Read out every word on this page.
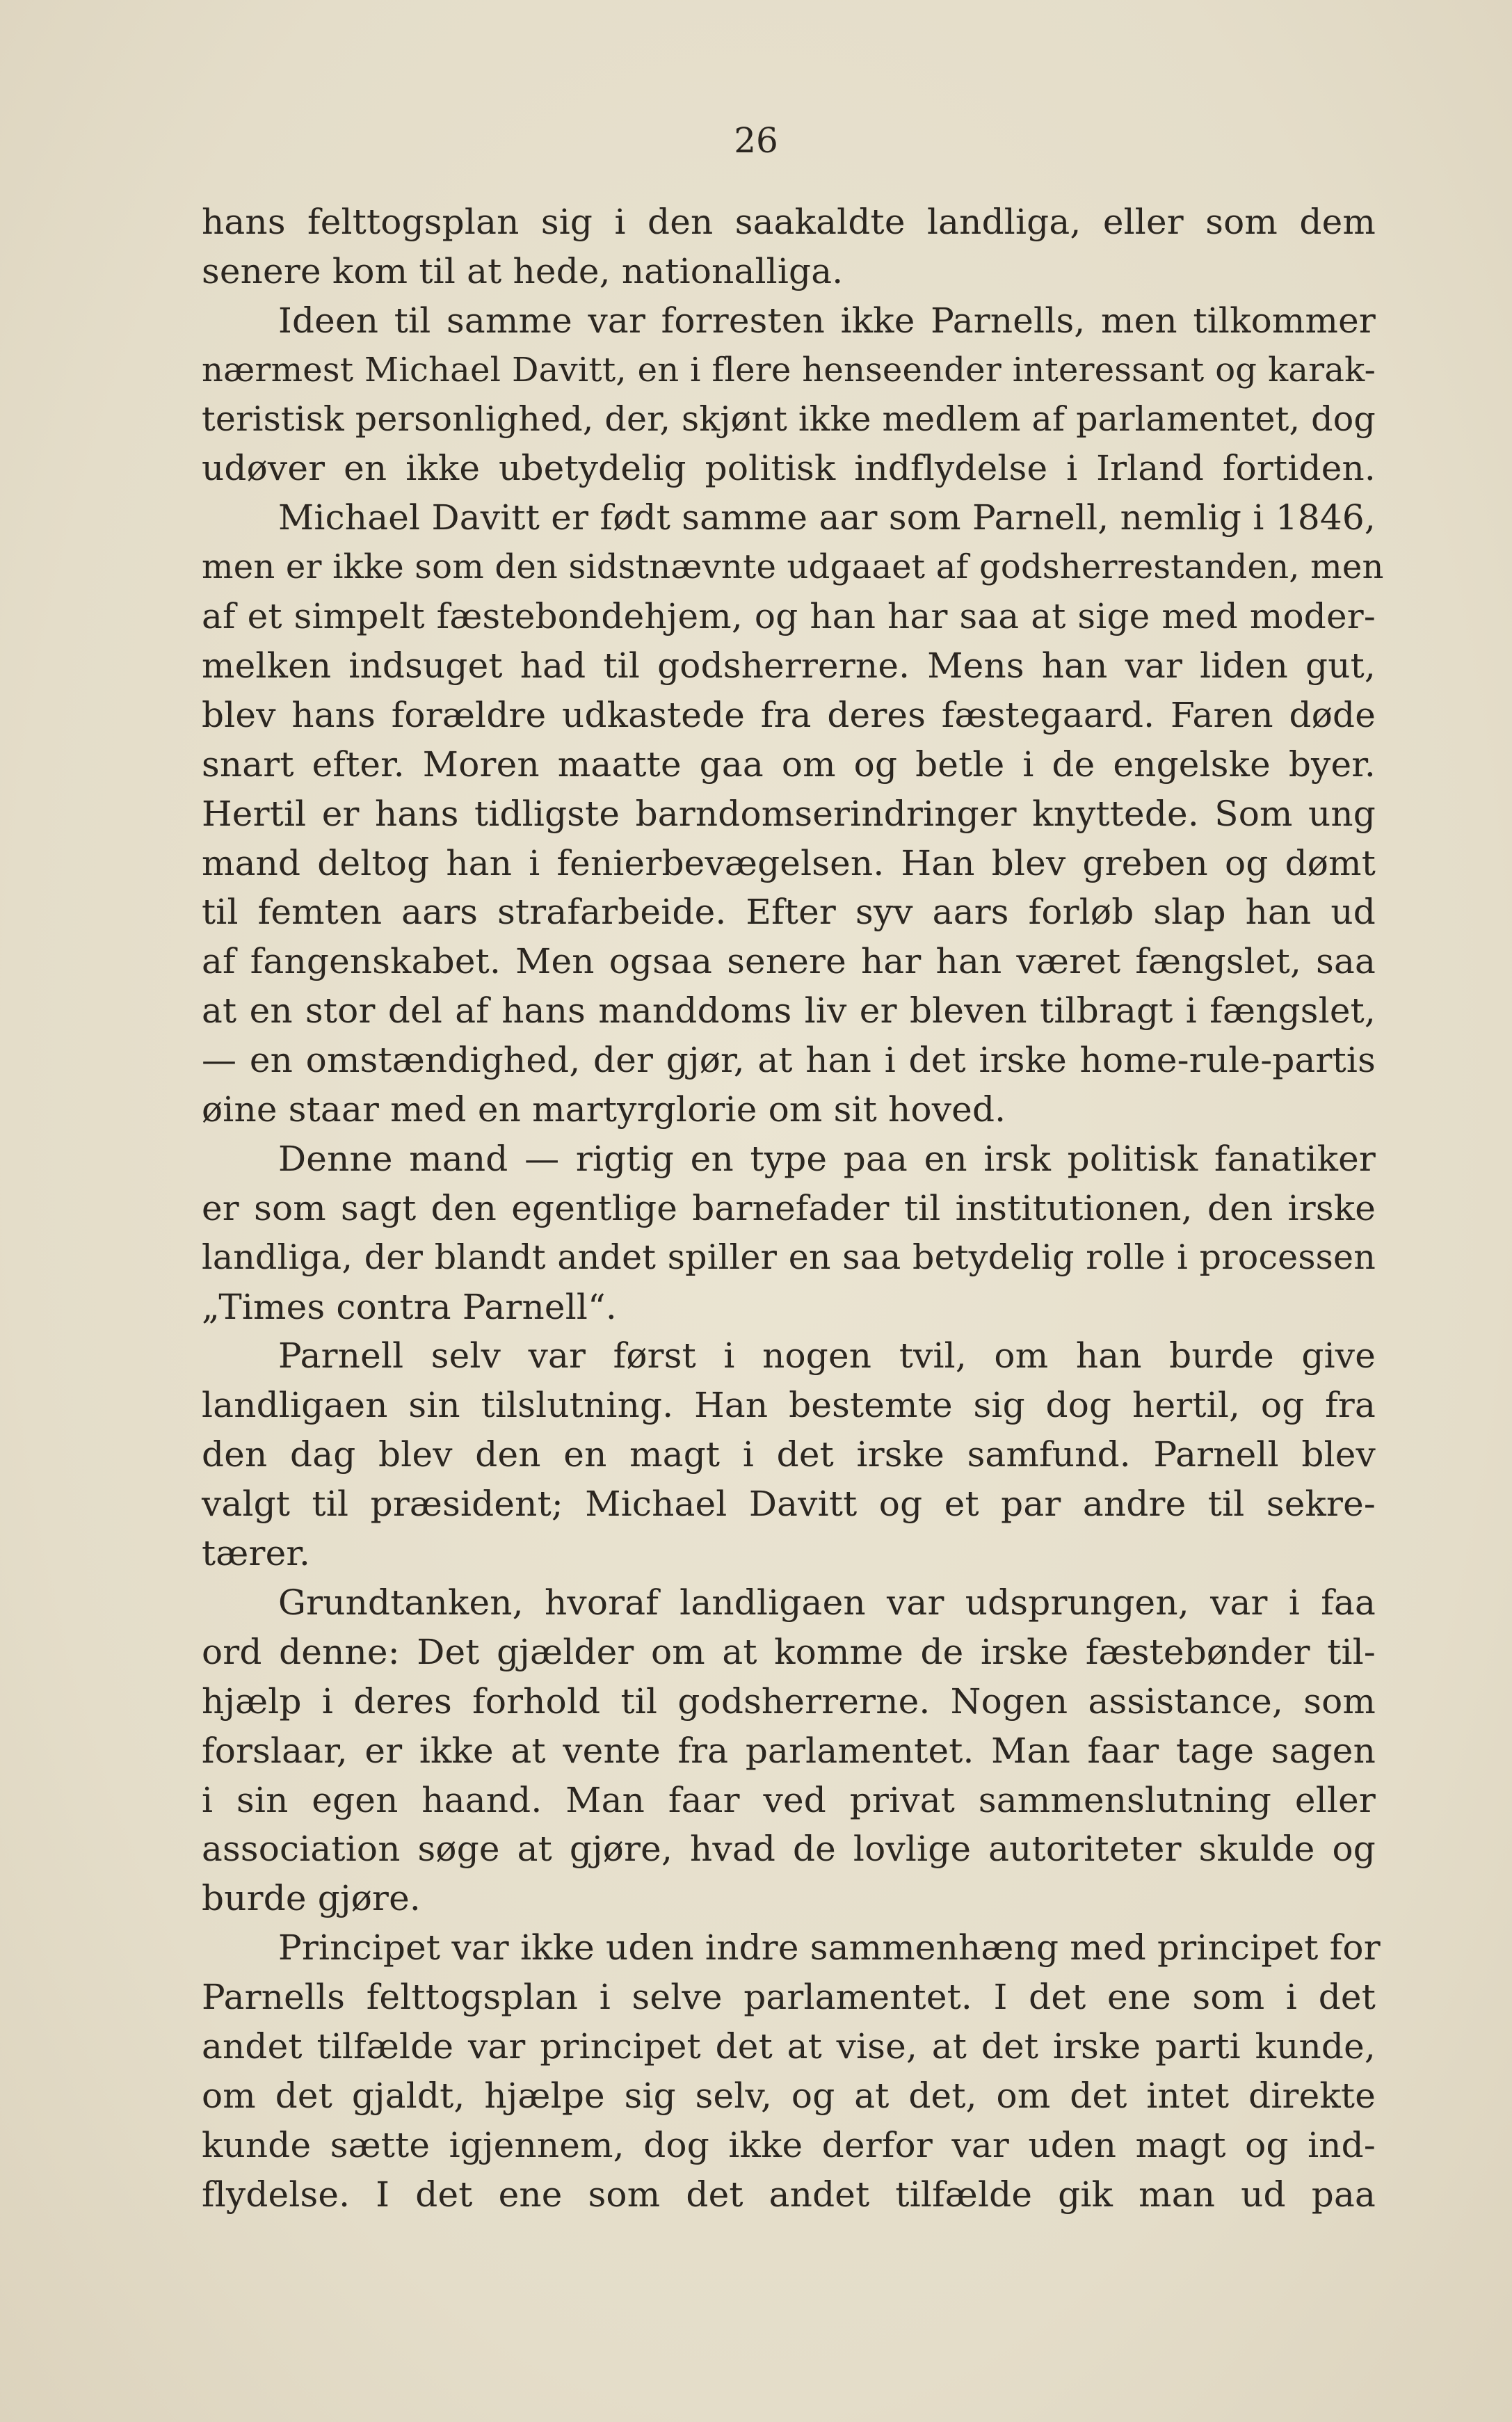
26
hans felttogsplan sig i den saakaldte landliga, eller som dem
senere kom til at hede, nationalliga.
Ideen til samme var forresten ikke Parnells, men tilkommer
nærmest Michael Davitt, en i flere henseender interessant og karak-
teristisk personlighed, der, skjønt ikke medlem af parlamentet, dog
udøver en ikke ubetydelig politisk indflydelse i Irland fortiden.
Michael Davitt er født samme aar som Parnell, nemlig i 1846,
men er ikke som den sidstnævnte udgaaet af godsherrestanden, men
af et simpelt fæstebondehjem, og han har saa at sige med moder-
melken indsuget had til godsherrerne. Mens han var liden gut,
blev hans forældre udkastede fra deres fæstegaard. Faren døde
snart efter. Moren maatte gaa om og betle i de engelske byer.
Hertil er hans tidligste barndomserindringer knyttede. Som ung
mand deltog han i fenierbevægelsen. Han blev greben og dømt
til femten aars strafarbeide. Efter syv aars forløb slap han ud
af fangenskabet. Men ogsaa senere har han været fængslet, saa
at en stor del af hans manddoms liv er bleven tilbragt i fængslet,
— en omstændighed, der gjør, at han i det irske home-rule-partis
øine staar med en martyrglorie om sit hoved.
Denne mand — rigtig en type paa en irsk politisk fanatiker
er som sagt den egentlige barnefader til institutionen, den irske
landliga, der blandt andet spiller en saa betydelig rolle i processen
„Times contra Parnell“.
Parnell selv var først i nogen tvil, om han burde give
landligaen sin tilslutning. Han bestemte sig dog hertil, og fra
den dag blev den en magt i det irske samfund. Parnell blev
valgt til præsident; Michael Davitt og et par andre til sekre-
tærer.
Grundtanken, hvoraf landligaen var udsprungen, var i faa
ord denne: Det gjælder om at komme de irske fæstebønder til-
hjælp i deres forhold til godsherrerne. Nogen assistance, som
forslaar, er ikke at vente fra parlamentet. Man faar tage sagen
i sin egen haand. Man faar ved privat sammenslutning eller
association søge at gjøre, hvad de lovlige autoriteter skulde og
burde gjøre.
Principet var ikke uden indre sammenhæng med principet for
Parnells felttogsplan i selve parlamentet. I det ene som i det
andet tilfælde var principet det at vise, at det irske parti kunde,
om det gjaldt, hjælpe sig selv, og at det, om det intet direkte
kunde sætte igjennem, dog ikke derfor var uden magt og ind-
flydelse. I det ene som det andet tilfælde gik man ud paa
